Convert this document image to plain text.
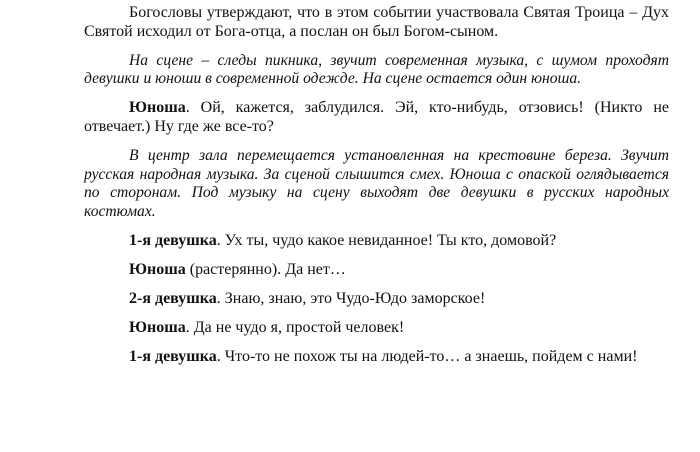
Богословы утверждают, что в этом событии участвовала Святая Троица – Дух Святой исходил от Бога-отца, а послан он был Богом-сыном.

На сцене – следы пикника, звучит современная музыка, с шумом проходят девушки и юноши в современной одежде. На сцене остается один юноша.

Юноша. Ой, кажется, заблудился. Эй, кто-нибудь, отзовись! (Никто не отвечает.) Ну где же все-то?

В центр зала перемещается установленная на крестовине береза. Звучит русская народная музыка. За сценой слышится смех. Юноша с опаской оглядывается по сторонам. Под музыку на сцену выходят две девушки в русских народных костюмах.

1-я девушка. Ух ты, чудо какое невиданное! Ты кто, домовой?

Юноша (растерянно). Да нет…

2-я девушка. Знаю, знаю, это Чудо-Юдо заморское!

Юноша. Да не чудо я, простой человек!

1-я девушка. Что-то не похож ты на людей-то… а знаешь, пойдем с нами!
